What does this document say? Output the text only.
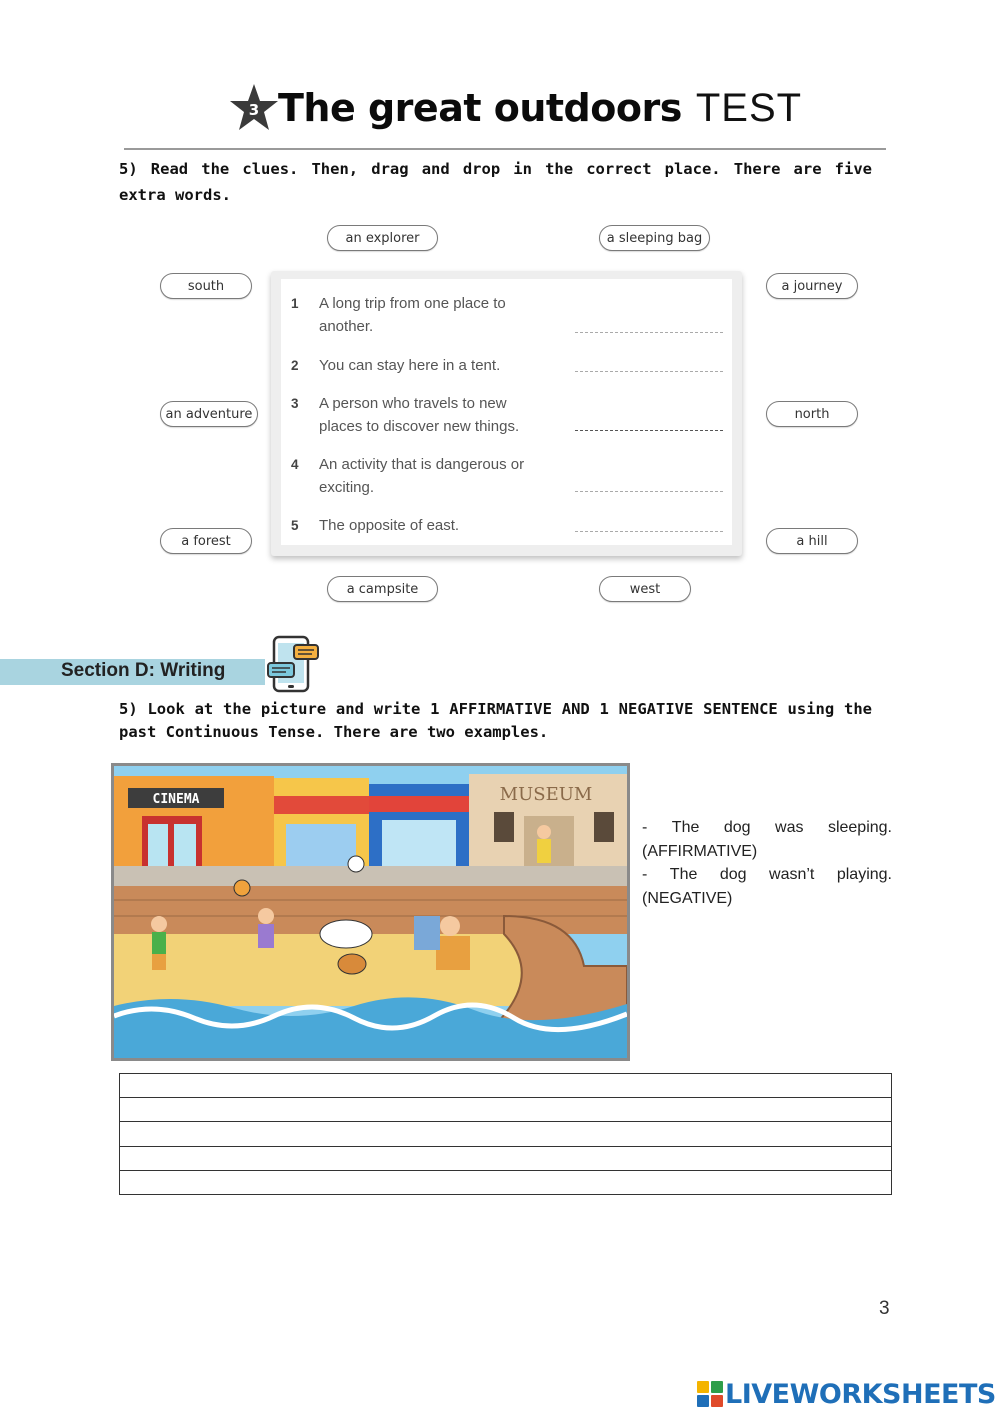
3 The great outdoors TEST
5) Read the clues. Then, drag and drop in the correct place. There are five extra words.
an explorer	a sleeping bag
south	a journey
an adventure	north
a forest	a hill
a campsite	west
1 A long trip from one place to another.
2 You can stay here in a tent.
3 A person who travels to new places to discover new things.
4 An activity that is dangerous or exciting.
5 The opposite of east.
Section D: Writing
5) Look at the picture and write 1 AFFIRMATIVE AND 1 NEGATIVE SENTENCE using the past Continuous Tense. There are two examples.
CINEMA	MUSEUM
- The dog was sleeping.
(AFFIRMATIVE)
- The dog wasn’t playing.
(NEGATIVE)

3
LIVEWORKSHEETS
